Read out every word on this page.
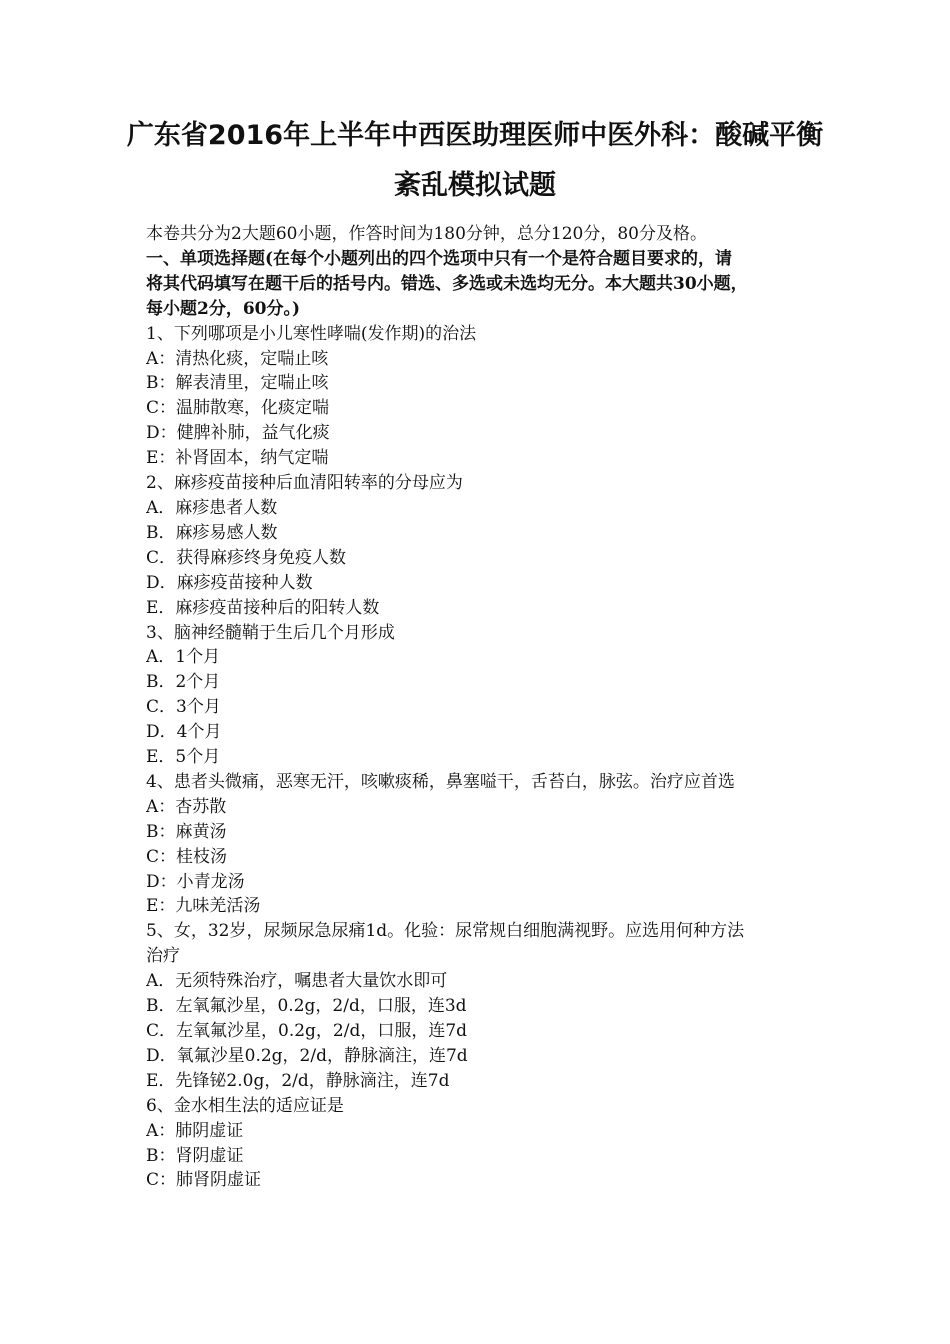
广东省2016年上半年中西医助理医师中医外科：酸碱平衡
紊乱模拟试题
本卷共分为2大题60小题，作答时间为180分钟，总分120分，80分及格。
一、单项选择题(在每个小题列出的四个选项中只有一个是符合题目要求的，请
将其代码填写在题干后的括号内。错选、多选或未选均无分。本大题共30小题，
每小题2分，60分。)
1、下列哪项是小儿寒性哮喘(发作期)的治法
A：清热化痰，定喘止咳
B：解表清里，定喘止咳
C：温肺散寒，化痰定喘
D：健脾补肺，益气化痰
E：补肾固本，纳气定喘
2、麻疹疫苗接种后血清阳转率的分母应为
A．麻疹患者人数
B．麻疹易感人数
C．获得麻疹终身免疫人数
D．麻疹疫苗接种人数
E．麻疹疫苗接种后的阳转人数
3、脑神经髓鞘于生后几个月形成
A．1个月
B．2个月
C．3个月
D．4个月
E．5个月
4、患者头微痛，恶寒无汗，咳嗽痰稀，鼻塞嗌干，舌苔白，脉弦。治疗应首选
A：杏苏散
B：麻黄汤
C：桂枝汤
D：小青龙汤
E：九味羌活汤
5、女，32岁，尿频尿急尿痛1d。化验：尿常规白细胞满视野。应选用何种方法
治疗
A．无须特殊治疗，嘱患者大量饮水即可
B．左氧氟沙星，0.2g，2/d，口服，连3d
C．左氧氟沙星，0.2g，2/d，口服，连7d
D．氧氟沙星0.2g，2/d，静脉滴注，连7d
E．先锋铋2.0g，2/d，静脉滴注，连7d
6、金水相生法的适应证是
A：肺阴虚证
B：肾阴虚证
C：肺肾阴虚证
